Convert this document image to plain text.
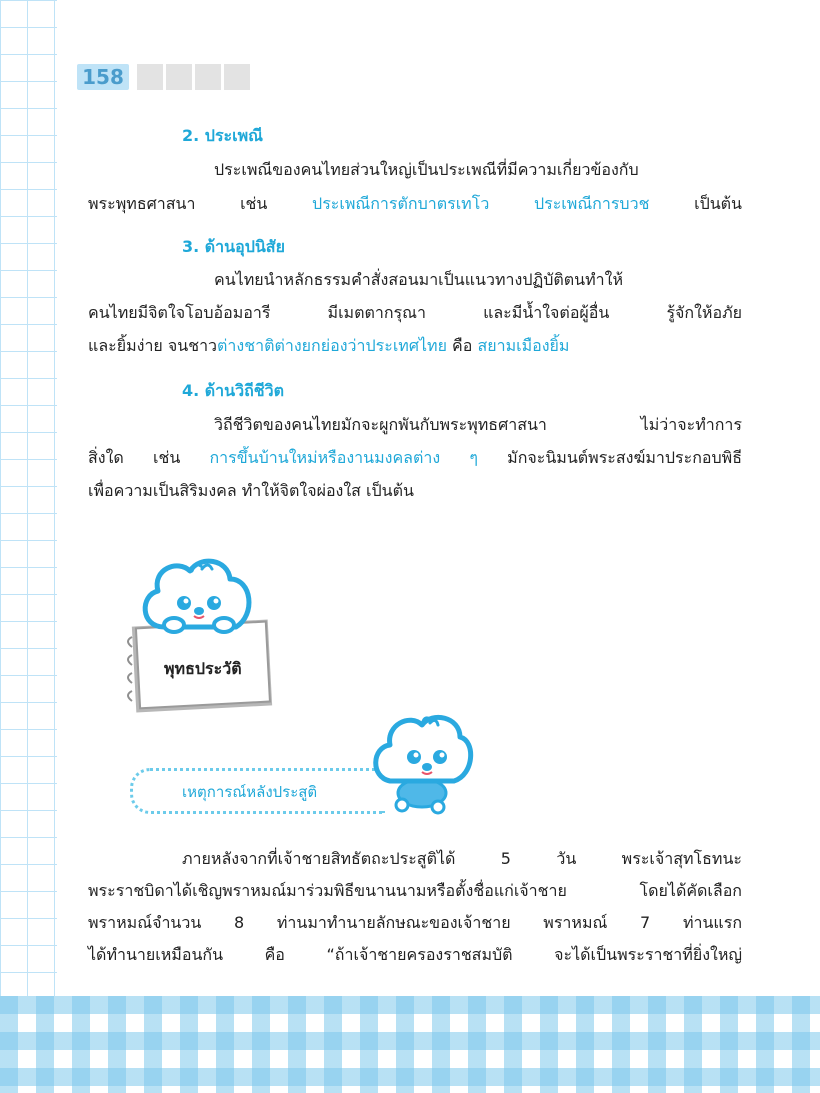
158
2. ประเพณี
ประเพณีของคนไทยส่วนใหญ่เป็นประเพณีที่มีความเกี่ยวข้องกับ
พระพุทธศาสนา เช่น ประเพณีการตักบาตรเทโว ประเพณีการบวช เป็นต้น
3. ด้านอุปนิสัย
คนไทยนำหลักธรรมคำสั่งสอนมาเป็นแนวทางปฏิบัติตนทำให้
คนไทยมีจิตใจโอบอ้อมอารี มีเมตตากรุณา และมีน้ำใจต่อผู้อื่น รู้จักให้อภัย
และยิ้มง่าย จนชาวต่างชาติต่างยกย่องว่าประเทศไทย คือ สยามเมืองยิ้ม
4. ด้านวิถีชีวิต
วิถีชีวิตของคนไทยมักจะผูกพันกับพระพุทธศาสนา ไม่ว่าจะทำการ
สิ่งใด เช่น การขึ้นบ้านใหม่หรืองานมงคลต่าง ๆ มักจะนิมนต์พระสงฆ์มาประกอบพิธี
เพื่อความเป็นสิริมงคล ทำให้จิตใจผ่องใส เป็นต้น
พุทธประวัติ
เหตุการณ์หลังประสูติ
ภายหลังจากที่เจ้าชายสิทธัตถะประสูติได้ 5 วัน พระเจ้าสุทโธทนะ
พระราชบิดาได้เชิญพราหมณ์มาร่วมพิธีขนานนามหรือตั้งชื่อแก่เจ้าชาย โดยได้คัดเลือก
พราหมณ์จำนวน 8 ท่านมาทำนายลักษณะของเจ้าชาย พราหมณ์ 7 ท่านแรก
ได้ทำนายเหมือนกัน คือ “ถ้าเจ้าชายครองราชสมบัติ จะได้เป็นพระราชาที่ยิ่งใหญ่
